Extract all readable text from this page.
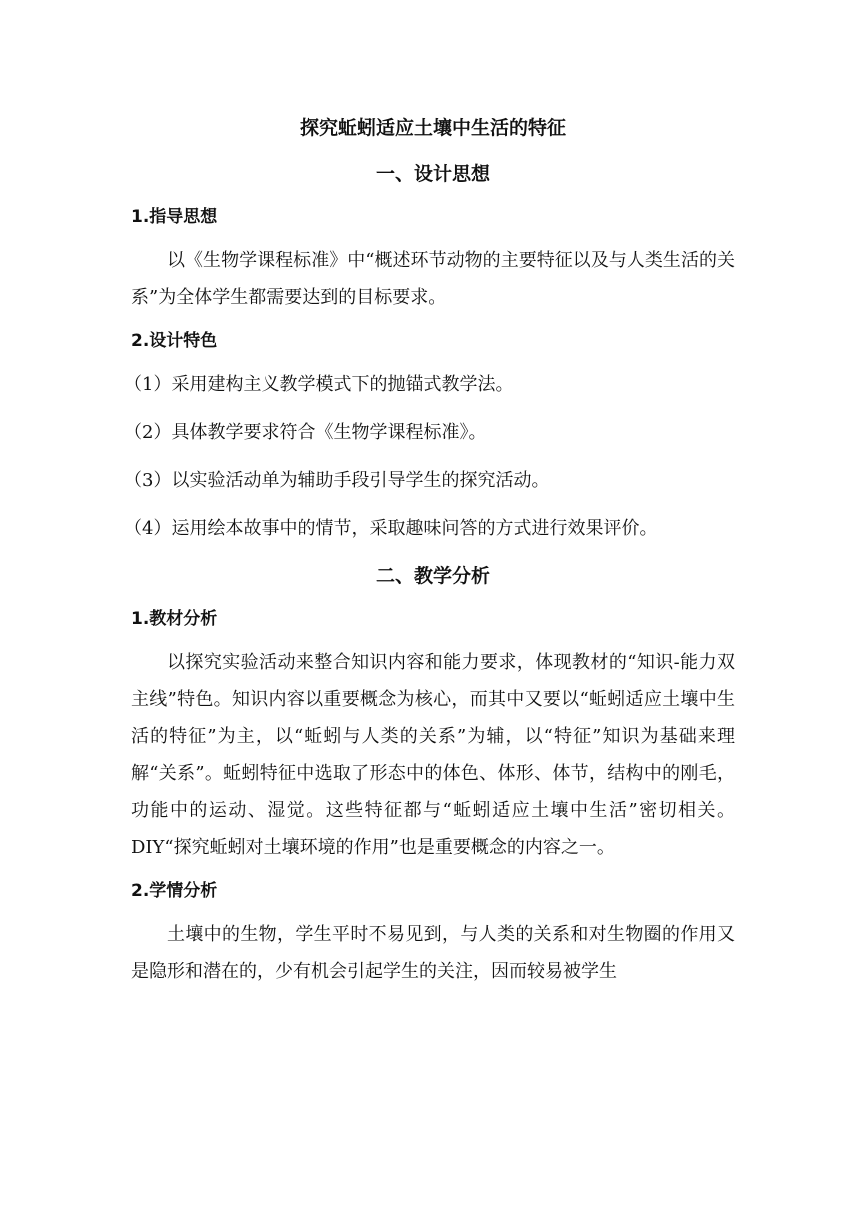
探究蚯蚓适应土壤中生活的特征
一、设计思想
1.指导思想

以《生物学课程标准》中“概述环节动物的主要特征以及与人类生活的关系”为全体学生都需要达到的目标要求。

2.设计特色
（1）采用建构主义教学模式下的抛锚式教学法。
（2）具体教学要求符合《生物学课程标准》。
（3）以实验活动单为辅助手段引导学生的探究活动。
（4）运用绘本故事中的情节，采取趣味问答的方式进行效果评价。
二、教学分析
1.教材分析

以探究实验活动来整合知识内容和能力要求，体现教材的“知识-能力双主线”特色。知识内容以重要概念为核心，而其中又要以“蚯蚓适应土壤中生活的特征”为主，以“蚯蚓与人类的关系”为辅，以“特征”知识为基础来理解“关系”。蚯蚓特征中选取了形态中的体色、体形、体节，结构中的刚毛，功能中的运动、湿觉。这些特征都与“蚯蚓适应土壤中生活”密切相关。DIY“探究蚯蚓对土壤环境的作用”也是重要概念的内容之一。

2.学情分析

土壤中的生物，学生平时不易见到，与人类的关系和对生物圈的作用又是隐形和潜在的，少有机会引起学生的关注，因而较易被学生
